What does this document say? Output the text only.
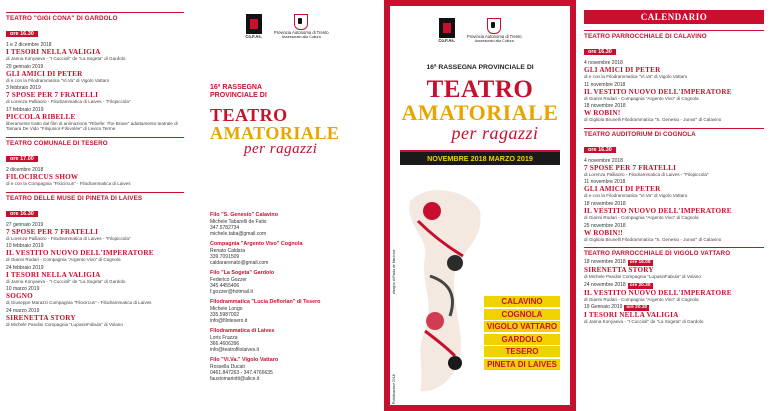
TEATRO "GIGI CONA" DI GARDOLO
ore 16.30
1 e 2 dicembre 2018
I TESORI NELLA VALIGIA
di Janna Konyaeva - "I Cuccioli" de "La Sogeta" di Gardolo
20 gennaio 2019
GLI AMICI DI PETER
di e con la Filodrammatica "Vi.Va" di Vigolo Vattaro
3 febbraio 2019
7 SPOSE PER 7 FRATELLI
di Lorenza Palliaoro - Filodrammatica di Laives - "Filopiccola"
17 febbraio 2019
PICCOLA RIBELLE
liberamente tratto dal film di animazione "Ribelle: The Brave" adattamento teatrale di Tamara De Vido "Filojunior-Filovolée" di Levico Terme
TEATRO COMUNALE DI TESERO
ore 17.00
2 dicembre 2018
FILOCIRCUS SHOW
di e con la Compagnia "Filocircus" - Filodrammatica di Laives
TEATRO DELLE MUSE DI PINETA DI LAIVES
ore 16.30
27 gennaio 2019
7 SPOSE PER 7 FRATELLI
di Lorenza Palliaoro - Filodrammatica di Laives - "Filopiccola"
10 febbraio 2019
IL VESTITO NUOVO DELL'IMPERATORE
di Gianni Rodari - Compagnia "Argento Vivo" di Cognola
24 febbraio 2019
I TESORI NELLA VALIGIA
di Janna Konyaeva - "I Cuccioli" de "La Sogeta" di Gardolo
10 marzo 2019
SOGNO
di Giuseppe Marazzi Compagnia "Filocircus" - Filodrammatica di Laives
24 marzo 2019
SIRENETTA STORY
di Michele Pandini Compagnia "LupusinFabula" di Volano
Co.F.As.
Provincia Autonoma di Trento
Assessorato alla Cultura
16ª RASSEGNA
PROVINCIALE DI
TEATRO
AMATORIALE
per ragazzi
Filo "S. Genesio" Calavino
Michele Tabarelli de Fatis
347.5782734
michele.taba@gmail.com
Compagnia "Argento Vivo" Cognola
Renato Caldara
339.7091509
caldararenato@gmail.com
Filo "La Sogeta" Gardolo
Federico Gozzer
345.4455406
f.gozzer@hotmail.it
Filodrammatica "Lucia Deflorian" di Tesero
Michele Longo
335.5987002
info@filotesero.it
Filodrammatica di Laives
Loris Frazza
366.4606396
info@teatrofilolaives.it
Filo "Vi.Va." Vigolo Vattaro
Rossella Ducati
0461.847263 - 347.4766635
faustomariotti@alice.it
Co.F.As.
Provincia Autonoma di Trento
Assessorato alla Cultura
16ª RASSEGNA PROVINCIALE DI
TEATRO
AMATORIALE
per ragazzi
NOVEMBRE 2018 MARZO 2019
disegno di Paola de Manincor
Pubblicazione 2018
CALAVINO
COGNOLA
VIGOLO VATTARO
GARDOLO
TESERO
PINETA DI LAIVES
CALENDARIO
TEATRO PARROCCHIALE DI CALAVINO
ore 16.30
4 novembre 2018
GLI AMICI DI PETER
di e con la Filodrammatica "Vi.Va" di Vigolo Vattaro
11 novembre 2018
IL VESTITO NUOVO DELL'IMPERATORE
di Gianni Rodari - Compagnia "Argento Vivo" di Cognola
18 novembre 2018
W ROBIN!
di Gigliola Brunelli Filodrammatica "S. Genesio - Junior" di Calavino
TEATRO AUDITORIUM DI COGNOLA
ore 16.30
4 novembre 2018
7 SPOSE PER 7 FRATELLI
di Lorenza Palliaoro - Filodrammatica di Laives - "Filopiccola"
11 novembre 2018
GLI AMICI DI PETER
di e con la Filodrammatica "Vi.Va" di Vigolo Vattaro
18 novembre 2018
IL VESTITO NUOVO DELL'IMPERATORE
di Gianni Rodari - Compagnia "Argento Vivo" di Cognola
25 novembre 2018
W ROBIN!!
di Gigliola Brunelli Filodrammatica "S. Genesio - Junior" di Calavino
TEATRO PARROCCHIALE DI VIGOLO VATTARO
18 novembre 2018 ore 16.00
SIRENETTA STORY
di Michele Pandini Compagnia "LupusinFabula" di Volano
24 novembre 2018 ore 20.30
IL VESTITO NUOVO DELL'IMPERATORE
di Gianni Rodari - Compagnia "Argento Vivo" di Cognola
19 Gennaio 2019 ore 20.30
I TESORI NELLA VALIGIA
di Janna Konyaeva - "I Cuccioli" de "La Sogeta" di Gardolo
